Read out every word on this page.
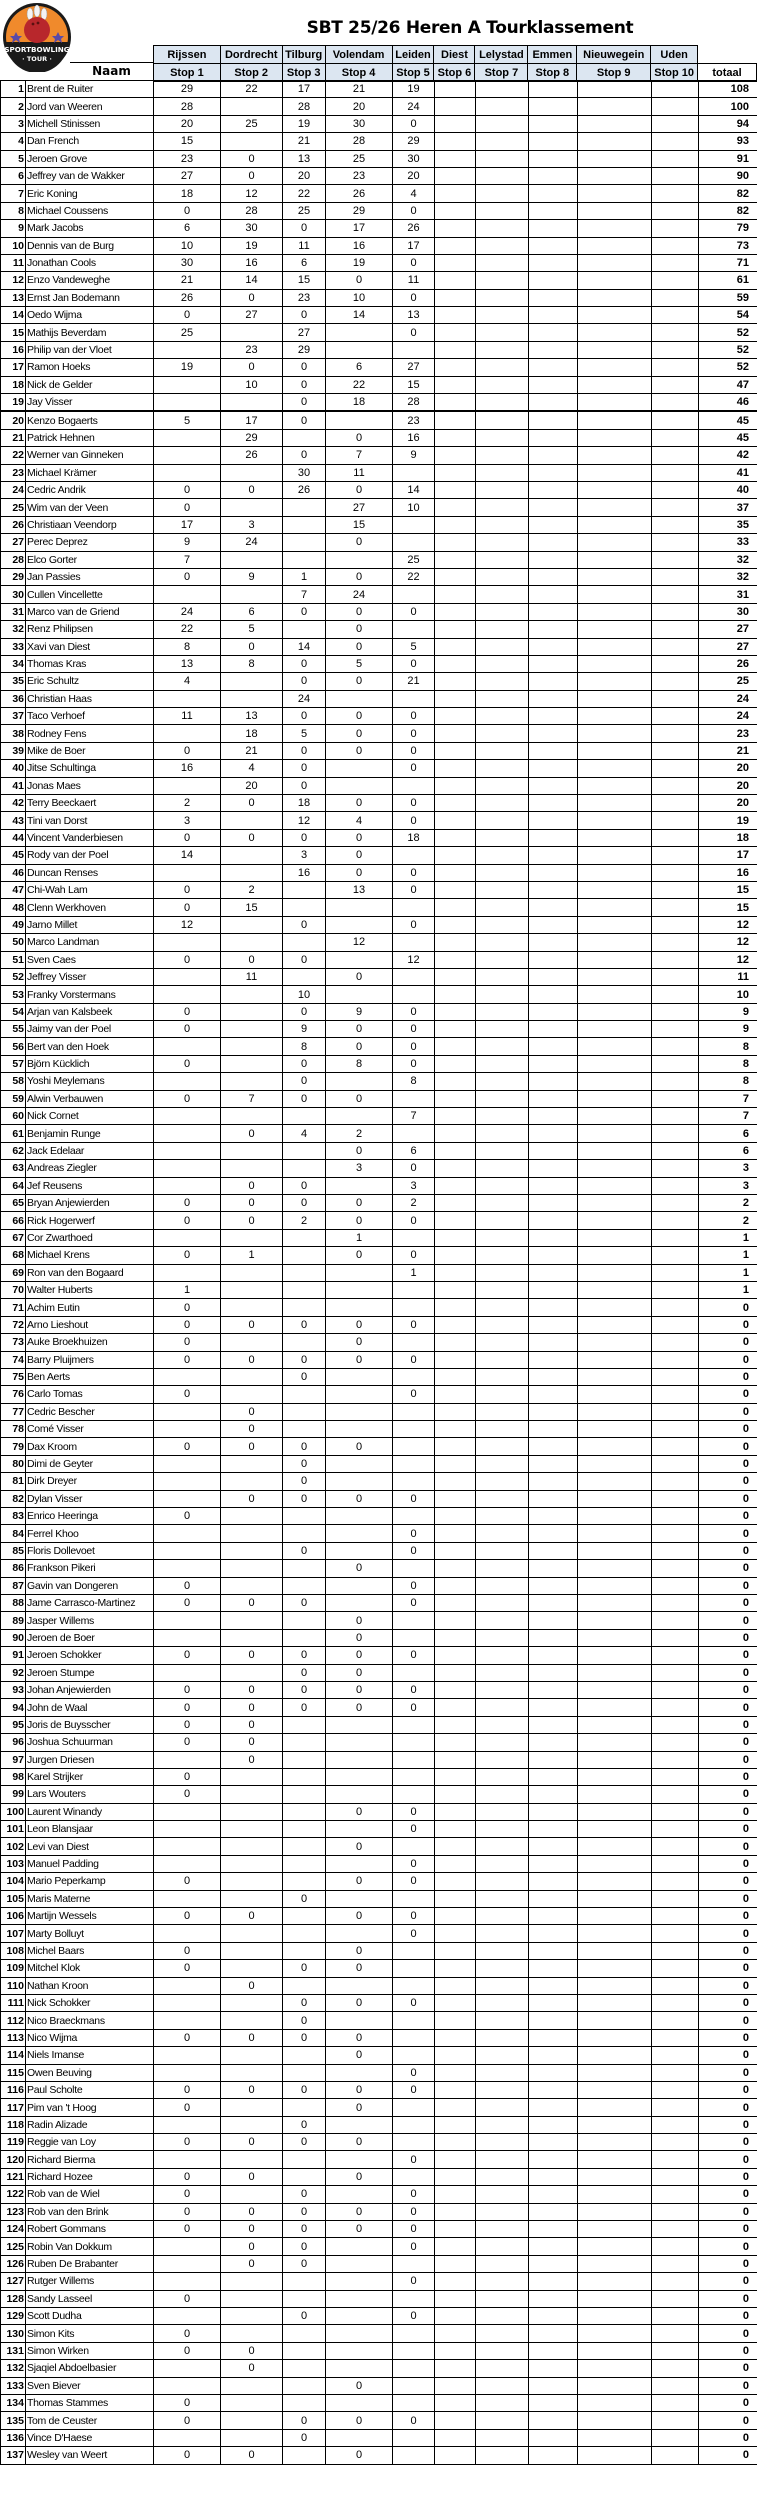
SPORTBOWLING
· TOUR ·
SBT 25/26 Heren A Tourklassement
Naam
Rijssen	Dordrecht	Tilburg	Volendam	Leiden	Diest	Lelystad	Emmen	Nieuwegein	Uden	
Stop 1	Stop 2	Stop 3	Stop 4	Stop 5	Stop 6	Stop 7	Stop 8	Stop 9	Stop 10	totaal
1	Brent de Ruiter	29	22	17	21	19						108
2	Jord van Weeren	28		28	20	24						100
3	Michell Stinissen	20	25	19	30	0						94
4	Dan French	15		21	28	29						93
5	Jeroen Grove	23	0	13	25	30						91
6	Jeffrey van de Wakker	27	0	20	23	20						90
7	Eric Koning	18	12	22	26	4						82
8	Michael Coussens	0	28	25	29	0						82
9	Mark Jacobs	6	30	0	17	26						79
10	Dennis van de Burg	10	19	11	16	17						73
11	Jonathan Cools	30	16	6	19	0						71
12	Enzo Vandeweghe	21	14	15	0	11						61
13	Ernst Jan Bodemann	26	0	23	10	0						59
14	Oedo Wijma	0	27	0	14	13						54
15	Mathijs Beverdam	25		27		0						52
16	Philip van der Vloet		23	29								52
17	Ramon Hoeks	19	0	0	6	27						52
18	Nick de Gelder		10	0	22	15						47
19	Jay Visser			0	18	28						46
20	Kenzo Bogaerts	5	17	0		23						45
21	Patrick Hehnen		29		0	16						45
22	Werner van Ginneken		26	0	7	9						42
23	Michael Krämer			30	11							41
24	Cedric Andrik	0	0	26	0	14						40
25	Wim van der Veen	0			27	10						37
26	Christiaan Veendorp	17	3		15							35
27	Perec Deprez	9	24		0							33
28	Elco Gorter	7				25						32
29	Jan Passies	0	9	1	0	22						32
30	Cullen Vincellette			7	24							31
31	Marco van de Griend	24	6	0	0	0						30
32	Renz Philipsen	22	5		0							27
33	Xavi van Diest	8	0	14	0	5						27
34	Thomas Kras	13	8	0	5	0						26
35	Eric Schultz	4		0	0	21						25
36	Christian Haas			24								24
37	Taco Verhoef	11	13	0	0	0						24
38	Rodney Fens		18	5	0	0						23
39	Mike de Boer	0	21	0	0	0						21
40	Jitse Schultinga	16	4	0		0						20
41	Jonas Maes		20	0								20
42	Terry Beeckaert	2	0	18	0	0						20
43	Tini van Dorst	3		12	4	0						19
44	Vincent Vanderbiesen	0	0	0	0	18						18
45	Rody van der Poel	14		3	0							17
46	Duncan Renses			16	0	0						16
47	Chi-Wah Lam	0	2		13	0						15
48	Clenn Werkhoven	0	15									15
49	Jarno Millet	12		0		0						12
50	Marco Landman				12							12
51	Sven Caes	0	0	0		12						12
52	Jeffrey Visser		11		0							11
53	Franky Vorstermans			10								10
54	Arjan van Kalsbeek	0		0	9	0						9
55	Jaimy van der Poel	0		9	0	0						9
56	Bert van den Hoek			8	0	0						8
57	Björn Kücklich	0		0	8	0						8
58	Yoshi Meylemans			0		8						8
59	Alwin Verbauwen	0	7	0	0							7
60	Nick Cornet					7						7
61	Benjamin Runge		0	4	2							6
62	Jack Edelaar				0	6						6
63	Andreas Ziegler				3	0						3
64	Jef Reusens		0	0		3						3
65	Bryan Anjewierden	0	0	0	0	2						2
66	Rick Hogerwerf	0	0	2	0	0						2
67	Cor Zwarthoed				1							1
68	Michael Krens	0	1		0	0						1
69	Ron van den Bogaard					1						1
70	Walter Huberts	1										1
71	Achim Eutin	0										0
72	Arno Lieshout	0	0	0	0	0						0
73	Auke Broekhuizen	0			0							0
74	Barry Pluijmers	0	0	0	0	0						0
75	Ben Aerts			0								0
76	Carlo Tomas	0				0						0
77	Cedric Bescher		0									0
78	Comé Visser		0									0
79	Dax Kroom	0	0	0	0							0
80	Dimi de Geyter			0								0
81	Dirk Dreyer			0								0
82	Dylan Visser		0	0	0	0						0
83	Enrico Heeringa	0										0
84	Ferrel Khoo					0						0
85	Floris Dollevoet			0		0						0
86	Frankson Pikeri				0							0
87	Gavin van Dongeren	0				0						0
88	Jame Carrasco-Martinez	0	0	0		0						0
89	Jasper Willems				0							0
90	Jeroen de Boer				0							0
91	Jeroen Schokker	0	0	0	0	0						0
92	Jeroen Stumpe			0	0							0
93	Johan Anjewierden	0	0	0	0	0						0
94	John de Waal	0	0	0	0	0						0
95	Joris de Buysscher	0	0									0
96	Joshua Schuurman	0	0									0
97	Jurgen Driesen		0									0
98	Karel Strijker	0										0
99	Lars Wouters	0										0
100	Laurent Winandy				0	0						0
101	Leon Blansjaar					0						0
102	Levi van Diest				0							0
103	Manuel Padding					0						0
104	Mario Peperkamp	0			0	0						0
105	Maris Materne			0								0
106	Martijn Wessels	0	0		0	0						0
107	Marty Bolluyt					0						0
108	Michel Baars	0			0							0
109	Mitchel Klok	0		0	0							0
110	Nathan Kroon		0									0
111	Nick Schokker			0	0	0						0
112	Nico Braeckmans			0								0
113	Nico Wijma	0	0	0	0							0
114	Niels Imanse				0							0
115	Owen Beuving					0						0
116	Paul Scholte	0	0	0	0	0						0
117	Pim van 't Hoog	0			0							0
118	Radin Alizade			0								0
119	Reggie van Loy	0	0	0	0							0
120	Richard Bierma					0						0
121	Richard Hozee	0	0		0							0
122	Rob van de Wiel	0		0		0						0
123	Rob van den Brink	0	0	0	0	0						0
124	Robert Gommans	0	0	0	0	0						0
125	Robin Van Dokkum		0	0		0						0
126	Ruben De Brabanter		0	0								0
127	Rutger Willems					0						0
128	Sandy Lasseel	0										0
129	Scott Dudha			0		0						0
130	Simon Kits	0										0
131	Simon Wirken	0	0									0
132	Sjaqiel Abdoelbasier		0									0
133	Sven Biever				0							0
134	Thomas Stammes	0										0
135	Tom de Ceuster	0		0	0	0						0
136	Vince D'Haese			0								0
137	Wesley van Weert	0	0		0							0
